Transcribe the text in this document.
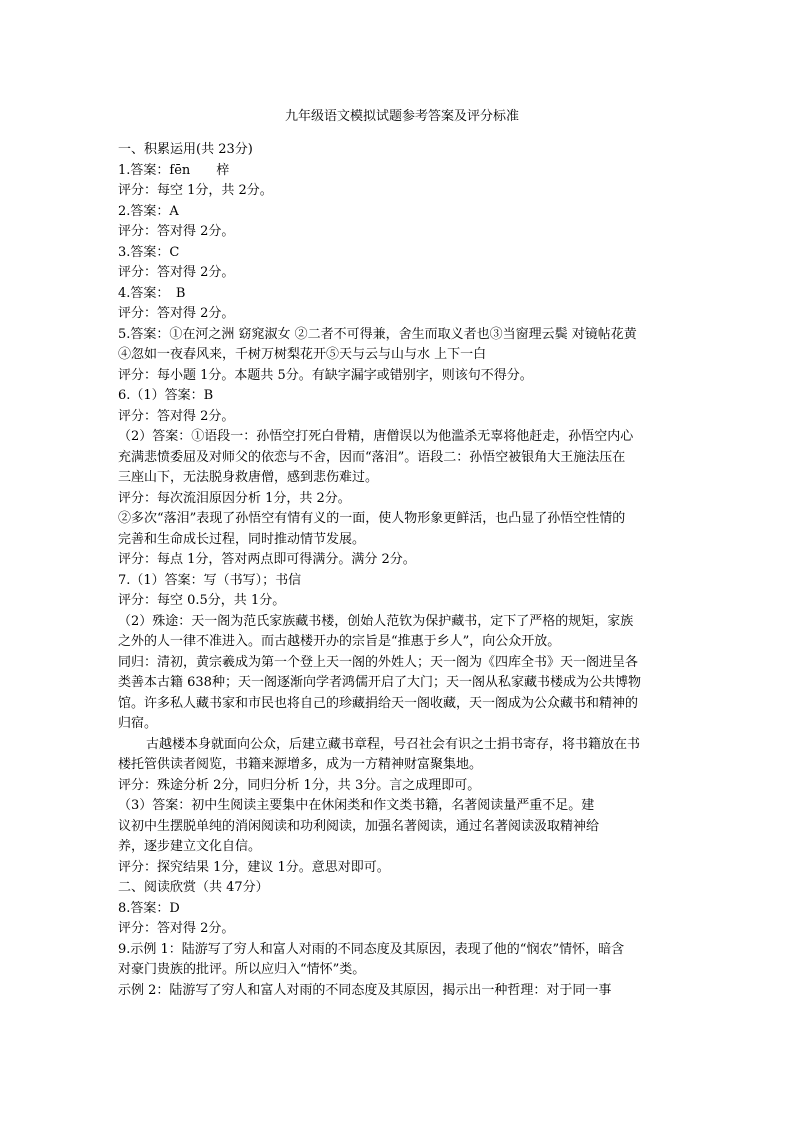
九年级语文模拟试题参考答案及评分标准
一、积累运用(共 23分)
1.答案：fēn　　梓
评分：每空 1分，共 2分。
2.答案：A
评分：答对得 2分。
3.答案：C
评分：答对得 2分。
4.答案：　B
评分：答对得 2分。
5.答案：①在河之洲 窈窕淑女 ②二者不可得兼，舍生而取义者也③当窗理云鬓 对镜帖花黄
④忽如一夜春风来，千树万树梨花开⑤天与云与山与水 上下一白
评分：每小题 1分。本题共 5分。有缺字漏字或错别字，则该句不得分。
6.（1）答案：B
评分：答对得 2分。
（2）答案：①语段一：孙悟空打死白骨精，唐僧误以为他滥杀无辜将他赶走，孙悟空内心
充满悲愤委屈及对师父的依恋与不舍，因而“落泪”。语段二：孙悟空被银角大王施法压在
三座山下，无法脱身救唐僧，感到悲伤难过。
评分：每次流泪原因分析 1分，共 2分。
②多次“落泪”表现了孙悟空有情有义的一面，使人物形象更鲜活，也凸显了孙悟空性情的
完善和生命成长过程，同时推动情节发展。
评分：每点 1分，答对两点即可得满分。满分 2分。
7.（1）答案：写（书写）；书信
评分：每空 0.5分，共 1分。
（2）殊途：天一阁为范氏家族藏书楼，创始人范钦为保护藏书，定下了严格的规矩，家族
之外的人一律不准进入。而古越楼开办的宗旨是“推惠于乡人”，向公众开放。
同归：清初，黄宗羲成为第一个登上天一阁的外姓人；天一阁为《四库全书》天一阁进呈各
类善本古籍 638种；天一阁逐渐向学者鸿儒开启了大门；天一阁从私家藏书楼成为公共博物
馆。许多私人藏书家和市民也将自己的珍藏捐给天一阁收藏，天一阁成为公众藏书和精神的
归宿。
古越楼本身就面向公众，后建立藏书章程，号召社会有识之士捐书寄存，将书籍放在书
楼托管供读者阅览，书籍来源增多，成为一方精神财富聚集地。
评分：殊途分析 2分，同归分析 1分，共 3分。言之成理即可。
（3）答案：初中生阅读主要集中在休闲类和作文类书籍，名著阅读量严重不足。建
议初中生摆脱单纯的消闲阅读和功利阅读，加强名著阅读，通过名著阅读汲取精神给
养，逐步建立文化自信。
评分：探究结果 1分，建议 1分。意思对即可。
二、阅读欣赏（共 47分）
8.答案：D
评分：答对得 2分。
9.示例 1：陆游写了穷人和富人对雨的不同态度及其原因，表现了他的“悯农”情怀，暗含
对豪门贵族的批评。所以应归入“情怀”类。
示例 2：陆游写了穷人和富人对雨的不同态度及其原因，揭示出一种哲理：对于同一事
